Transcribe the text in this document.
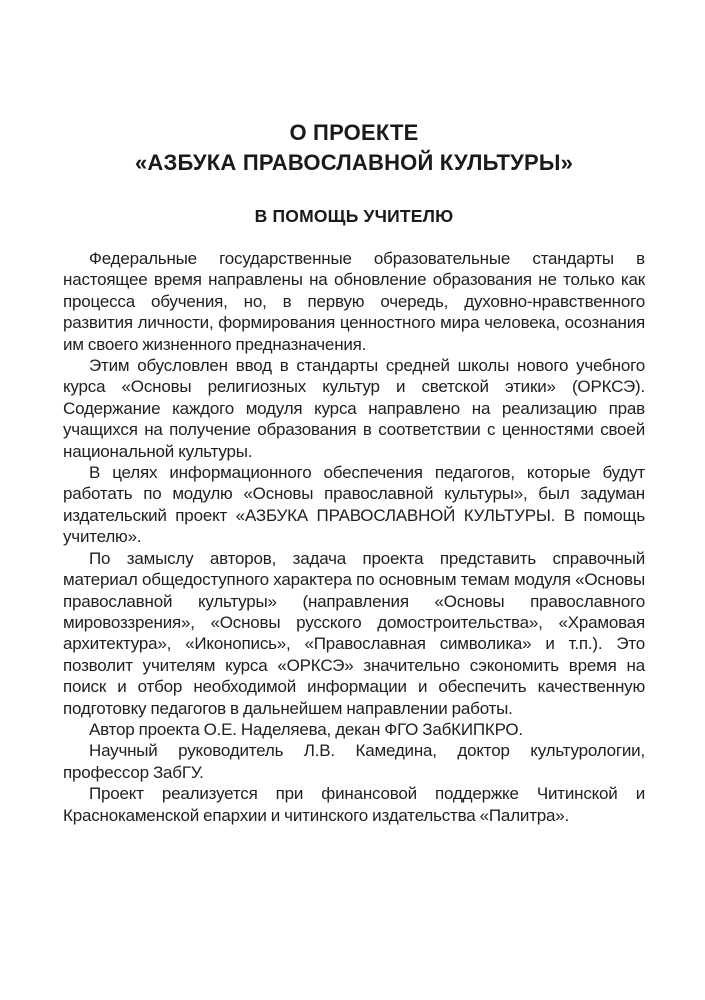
О ПРОЕКТЕ
«АЗБУКА ПРАВОСЛАВНОЙ КУЛЬТУРЫ»
В ПОМОЩЬ УЧИТЕЛЮ

Федеральные государственные образовательные стандарты в настоящее время направлены на обновление образования не только как процесса обучения, но, в первую очередь, духовно-нравственного развития личности, формирования ценностного мира человека, осознания им своего жизненного предназначения.

Этим обусловлен ввод в стандарты средней школы нового учебного курса «Основы религиозных культур и светской этики» (ОРКСЭ). Содержание каждого модуля курса направлено на реализацию прав учащихся на получение образования в соответствии с ценностями своей национальной культуры.

В целях информационного обеспечения педагогов, которые будут работать по модулю «Основы православной культуры», был задуман издательский проект «АЗБУКА ПРАВОСЛАВНОЙ КУЛЬТУРЫ. В помощь учителю».

По замыслу авторов, задача проекта представить справочный материал общедоступного характера по основным темам модуля «Основы православной культуры» (направления «Основы православного мировоззрения», «Основы русского домостроительства», «Храмовая архитектура», «Иконопись», «Православная символика» и т.п.). Это позволит учителям курса «ОРКСЭ» значительно сэкономить время на поиск и отбор необходимой информации и обеспечить качественную подготовку педагогов в дальнейшем направлении работы.

Автор проекта О.Е. Наделяева, декан ФГО ЗабКИПКРО.

Научный руководитель Л.В. Камедина, доктор культурологии, профессор ЗабГУ.

Проект реализуется при финансовой поддержке Читинской и Краснокаменской епархии и читинского издательства «Палитра».
